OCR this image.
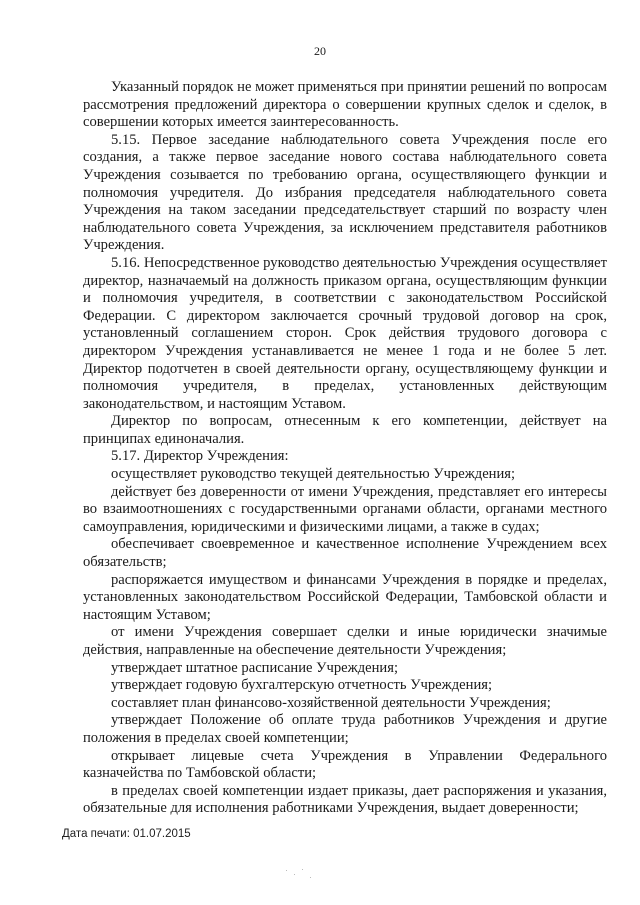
20

Указанный порядок не может применяться при принятии решений по вопросам рассмотрения предложений директора о совершении крупных сделок и сделок, в совершении которых имеется заинтересованность.

5.15. Первое заседание наблюдательного совета Учреждения после его создания, а также первое заседание нового состава наблюдательного совета Учреждения созывается по требованию органа, осуществляющего функции и полномочия учредителя. До избрания председателя наблюдательного совета Учреждения на таком заседании председательствует старший по возрасту член наблюдательного совета Учреждения, за исключением представителя работников Учреждения.

5.16. Непосредственное руководство деятельностью Учреждения осуществляет директор, назначаемый на должность приказом органа, осуществляющим функции и полномочия учредителя, в соответствии с законодательством Российской Федерации. С директором заключается срочный трудовой договор на срок, установленный соглашением сторон. Срок действия трудового договора с директором Учреждения устанавливается не менее 1 года и не более 5 лет. Директор подотчетен в своей деятельности органу, осуществляющему функции и полномочия учредителя, в пределах, установленных действующим законодательством, и настоящим Уставом.

Директор по вопросам, отнесенным к его компетенции, действует на принципах единоначалия.

5.17. Директор Учреждения:

осуществляет руководство текущей деятельностью Учреждения;

действует без доверенности от имени Учреждения, представляет его интересы во взаимоотношениях с государственными органами области, органами местного самоуправления, юридическими и физическими лицами, а также в судах;

обеспечивает своевременное и качественное исполнение Учреждением всех обязательств;

распоряжается имуществом и финансами Учреждения в порядке и пределах, установленных законодательством Российской Федерации, Тамбовской области и настоящим Уставом;

от имени Учреждения совершает сделки и иные юридически значимые действия, направленные на обеспечение деятельности Учреждения;

утверждает штатное расписание Учреждения;

утверждает годовую бухгалтерскую отчетность Учреждения;

составляет план финансово-хозяйственной деятельности Учреждения;

утверждает Положение об оплате труда работников Учреждения и другие положения в пределах своей компетенции;

открывает лицевые счета Учреждения в Управлении Федерального казначейства по Тамбовской области;

в пределах своей компетенции издает приказы, дает распоряжения и указания, обязательные для исполнения работниками Учреждения, выдает доверенности;

Дата печати: 01.07.2015
